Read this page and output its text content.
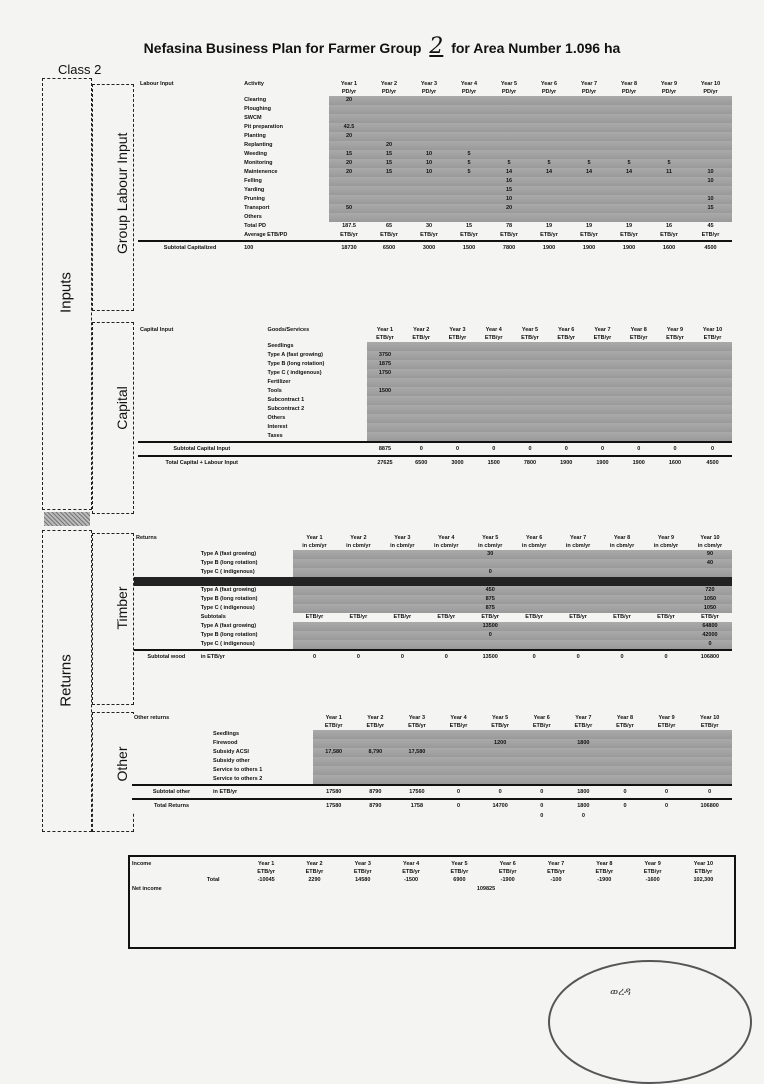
Nefasina Business Plan for Farmer Group 2 for Area Number 1.096 ha
Class 2
Inputs
Returns
Group Labour Input
Capital
Timber
Other
Labour Input	Activity	Year 1	Year 2	Year 3	Year 4	Year 5	Year 6	Year 7	Year 8	Year 9	Year 10
		PD/yr	PD/yr	PD/yr	PD/yr	PD/yr	PD/yr	PD/yr	PD/yr	PD/yr	PD/yr
	Clearing	20									
	Ploughing										
	SWCM										
	Pit preparation	42.5									
	Planting	20									
	Replanting		20								
	Weeding	15	15	10	5						
	Monitoring	20	15	10	5	5	5	5	5	5	
	Maintenence	20	15	10	5	14	14	14	14	11	10
	Felling					16					10
	Yarding					15					
	Pruning					10					10
	Transport	50				20					15
	Others										
	Total PD	187.5	65	30	15	78	19	19	19	16	45
	Average ETB/PD	ETB/yr	ETB/yr	ETB/yr	ETB/yr	ETB/yr	ETB/yr	ETB/yr	ETB/yr	ETB/yr	ETB/yr
Subtotal Capitalized	100	18730	6500	3000	1500	7800	1900	1900	1900	1600	4500
Capital Input	Goods/Services	Year 1	Year 2	Year 3	Year 4	Year 5	Year 6	Year 7	Year 8	Year 9	Year 10
		ETB/yr	ETB/yr	ETB/yr	ETB/yr	ETB/yr	ETB/yr	ETB/yr	ETB/yr	ETB/yr	ETB/yr
	Seedlings										
	Type A (fast growing)	3750									
	Type B (long rotation)	1875									
	Type C ( indigenous)	1750									
	Fertilizer										
	Tools	1500									
	Subcontract 1										
	Subcontract 2										
	Others										
	Interest										
	Taxes										
Subtotal Capital Input		8875	0	0	0	0	0	0	0	0	0
Total Capital + Labour Input		27625	6500	3000	1500	7800	1900	1900	1900	1600	4500
Returns		Year 1	Year 2	Year 3	Year 4	Year 5	Year 6	Year 7	Year 8	Year 9	Year 10
		in cbm/yr	in cbm/yr	in cbm/yr	in cbm/yr	in cbm/yr	in cbm/yr	in cbm/yr	in cbm/yr	in cbm/yr	in cbm/yr
	Type A (fast growing)					30					90
	Type B (long rotation)										40
	Type C ( indigenous)					0					

	Type A (fast growing)					450					720
	Type B (long rotation)					875					1050
	Type C ( indigenous)					875					1050
	Subtotals	ETB/yr	ETB/yr	ETB/yr	ETB/yr	ETB/yr	ETB/yr	ETB/yr	ETB/yr	ETB/yr	ETB/yr
	Type A (fast growing)					13500					64800
	Type B (long rotation)					0					42000
	Type C ( indigenous)										0
Subtotal wood	in ETB/yr	0	0	0	0	13500	0	0	0	0	106800
Other returns		Year 1	Year 2	Year 3	Year 4	Year 5	Year 6	Year 7	Year 8	Year 9	Year 10
		ETB/yr	ETB/yr	ETB/yr	ETB/yr	ETB/yr	ETB/yr	ETB/yr	ETB/yr	ETB/yr	ETB/yr
	Seedlings										
	Firewood					1200		1800			
	Subsidy ACSI	17,580	8,790	17,580							
	Subsidy other										
	Service to others 1										
	Service to others 2										
Subtotal other	in ETB/yr	17580	8790	17560	0	0	0	1800	0	0	0
Total Returns		17580	8790	1758	0	14700	0	1800	0	0	106800
							0	0			
Income		Year 1	Year 2	Year 3	Year 4	Year 5	Year 6	Year 7	Year 8	Year 9	Year 10
		ETB/yr	ETB/yr	ETB/yr	ETB/yr	ETB/yr	ETB/yr	ETB/yr	ETB/yr	ETB/yr	ETB/yr
	Total	-10045	2290	14580	-1500	6900	-1900	-100	-1900	-1600	102,300
Net income		109825									
ወረዳ
